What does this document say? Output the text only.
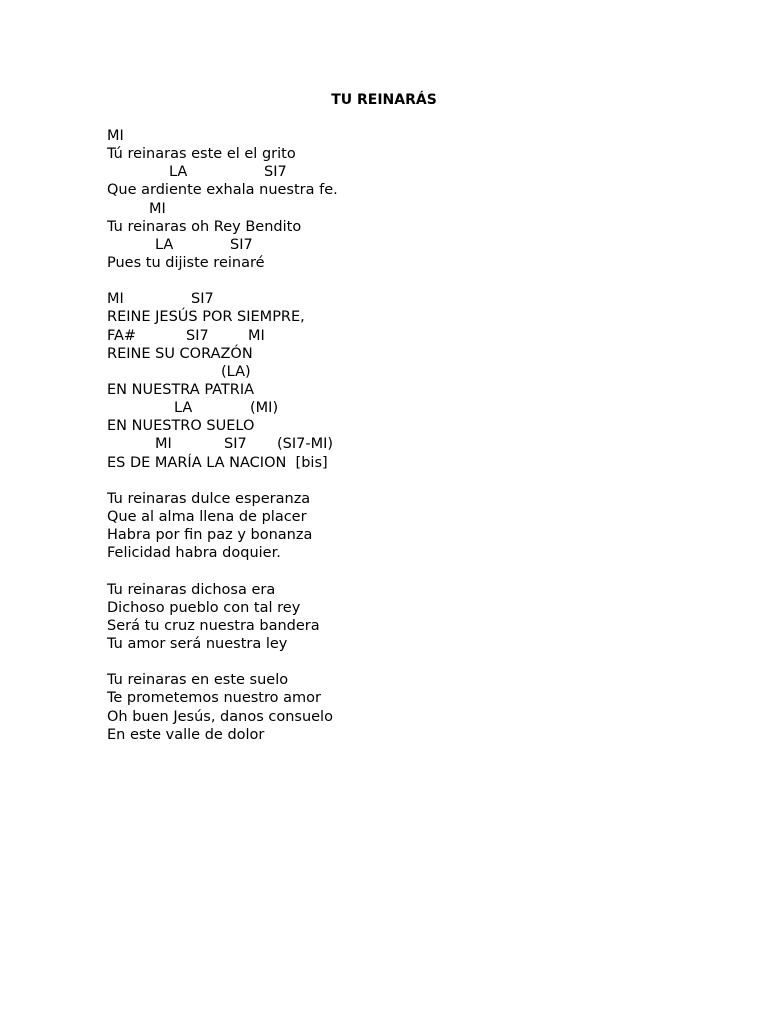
TU REINARÁS
MI
Tú reinaras este el el grito
LA	SI7
Que ardiente exhala nuestra fe.
MI
Tu reinaras oh Rey Bendito
LA	SI7
Pues tu dijiste reinaré
MI	SI7
REINE JESÚS POR SIEMPRE,
FA#	SI7	MI
REINE SU CORAZÓN
(LA)
EN NUESTRA PATRIA
LA	(MI)
EN NUESTRO SUELO
MI	SI7 (SI7-MI)
ES DE MARÍA LA NACION  [bis]
Tu reinaras dulce esperanza
Que al alma llena de placer
Habra por fin paz y bonanza
Felicidad habra doquier.
Tu reinaras dichosa era
Dichoso pueblo con tal rey
Será tu cruz nuestra bandera
Tu amor será nuestra ley
Tu reinaras en este suelo
Te prometemos nuestro amor
Oh buen Jesús, danos consuelo
En este valle de dolor
